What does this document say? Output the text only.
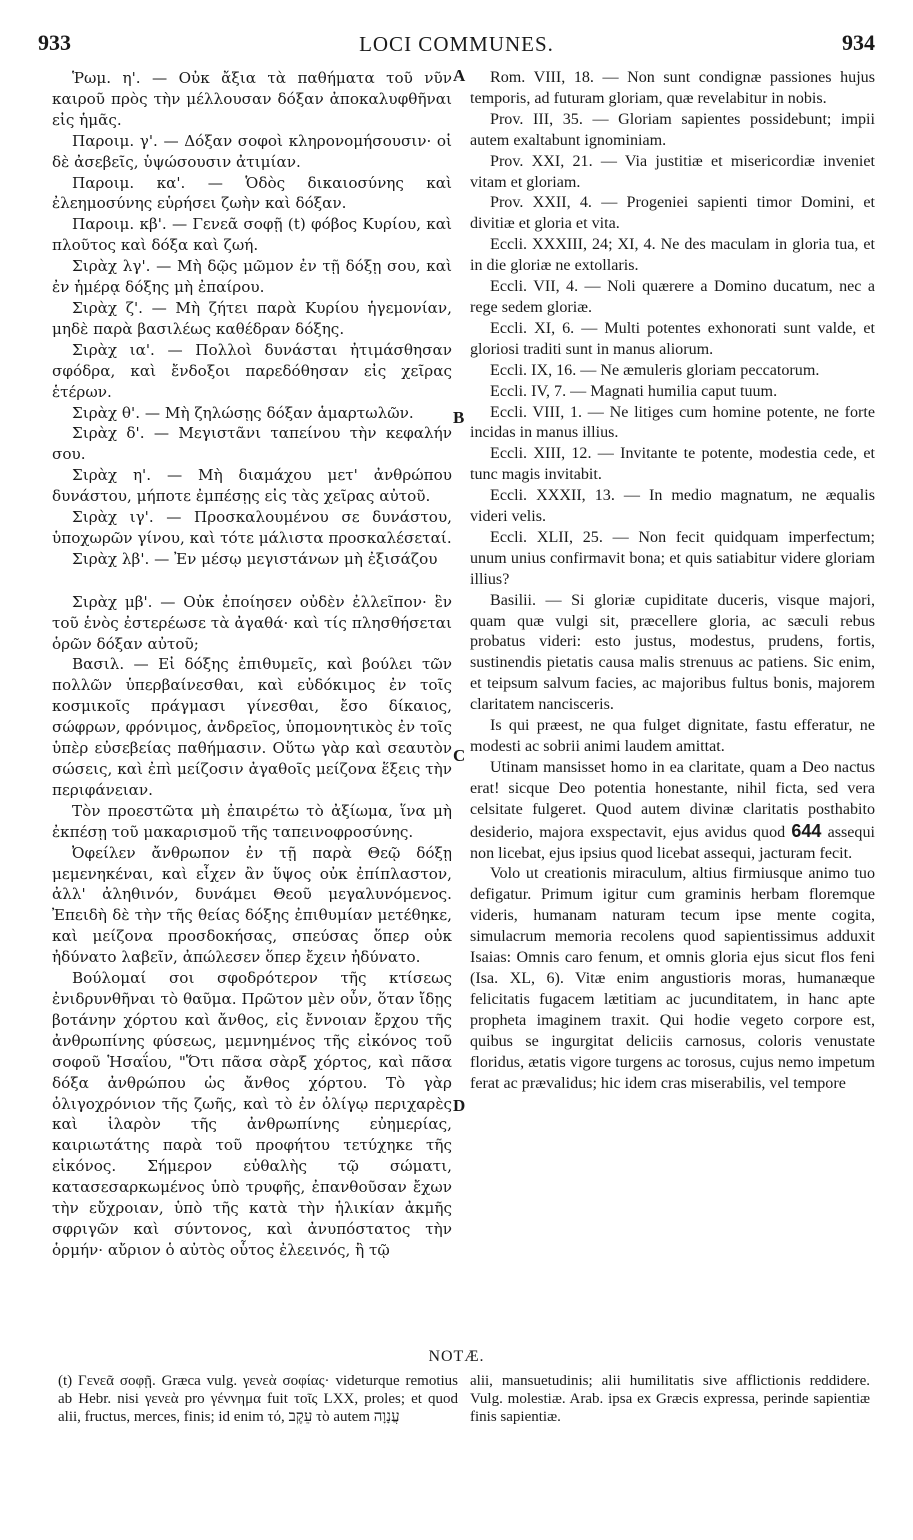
933	LOCI COMMUNES.	934

Ῥωμ. η'. — Οὐκ ἄξια τὰ παθήματα τοῦ νῦν καιροῦ πρὸς τὴν μέλλουσαν δόξαν ἀποκαλυφθῆναι εἰς ἡμᾶς.

Παροιμ. γ'. — Δόξαν σοφοὶ κληρονομήσουσιν· οἱ δὲ ἀσεβεῖς, ὑψώσουσιν ἀτιμίαν.

Παροιμ. κα'. — Ὁδὸς δικαιοσύνης καὶ ἐλεημοσύνης εὑρήσει ζωὴν καὶ δόξαν.

Παροιμ. κβ'. — Γενεᾶ σοφῇ (t) φόβος Κυρίου, καὶ πλοῦτος καὶ δόξα καὶ ζωή.

Σιρὰχ λγ'. — Μὴ δῷς μῶμον ἐν τῇ δόξῃ σου, καὶ ἐν ἡμέρᾳ δόξης μὴ ἐπαίρου.

Σιρὰχ ζ'. — Μὴ ζήτει παρὰ Κυρίου ἡγεμονίαν, μηδὲ παρὰ βασιλέως καθέδραν δόξης.

Σιρὰχ ια'. — Πολλοὶ δυνάσται ἠτιμάσθησαν σφόδρα, καὶ ἔνδοξοι παρεδόθησαν εἰς χεῖρας ἑτέρων.

Σιρὰχ θ'. — Μὴ ζηλώσῃς δόξαν ἁμαρτωλῶν.

Σιρὰχ δ'. — Μεγιστᾶνι ταπείνου τὴν κεφαλήν σου.

Σιρὰχ η'. — Μὴ διαμάχου μετ' ἀνθρώπου δυνάστου, μήποτε ἐμπέσῃς εἰς τὰς χεῖρας αὐτοῦ.

Σιρὰχ ιγ'. — Προσκαλουμένου σε δυνάστου, ὑποχωρῶν γίνου, καὶ τότε μάλιστα προσκαλέσεταί.

Σιρὰχ λβ'. — Ἐν μέσῳ μεγιστάνων μὴ ἐξισάζου

Σιρὰχ μβ'. — Οὐκ ἐποίησεν οὐδὲν ἐλλεῖπον· ἓν τοῦ ἑνὸς ἐστερέωσε τὰ ἀγαθά· καὶ τίς πλησθήσεται ὁρῶν δόξαν αὐτοῦ;

Βασιλ. — Εἰ δόξης ἐπιθυμεῖς, καὶ βούλει τῶν πολλῶν ὑπερβαίνεσθαι, καὶ εὐδόκιμος ἐν τοῖς κοσμικοῖς πράγμασι γίνεσθαι, ἔσο δίκαιος, σώφρων, φρόνιμος, ἀνδρεῖος, ὑπομονητικὸς ἐν τοῖς ὑπὲρ εὐσεβείας παθήμασιν. Οὕτω γὰρ καὶ σεαυτὸν σώσεις, καὶ ἐπὶ μείζοσιν ἀγαθοῖς μείζονα ἕξεις τὴν περιφάνειαν.

Τὸν προεστῶτα μὴ ἐπαιρέτω τὸ ἀξίωμα, ἵνα μὴ ἐκπέσῃ τοῦ μακαρισμοῦ τῆς ταπεινοφροσύνης.

Ὀφείλεν ἄνθρωπον ἐν τῇ παρὰ Θεῷ δόξῃ μεμενηκέναι, καὶ εἶχεν ἂν ὕψος οὐκ ἐπίπλαστον, ἀλλ' ἀληθινόν, δυνάμει Θεοῦ μεγαλυνόμενος. Ἐπειδὴ δὲ τὴν τῆς θείας δόξης ἐπιθυμίαν μετέθηκε, καὶ μείζονα προσδοκήσας, σπεύσας ὅπερ οὐκ ἠδύνατο λαβεῖν, ἀπώλεσεν ὅπερ ἔχειν ἠδύνατο.

Βούλομαί σοι σφοδρότερον τῆς κτίσεως ἐνιδρυνθῆναι τὸ θαῦμα. Πρῶτον μὲν οὖν, ὅταν ἴδῃς βοτάνην χόρτου καὶ ἄνθος, εἰς ἔννοιαν ἔρχου τῆς ἀνθρωπίνης φύσεως, μεμνημένος τῆς εἰκόνος τοῦ σοφοῦ Ἡσαΐου, "Ὅτι πᾶσα σὰρξ χόρτος, καὶ πᾶσα δόξα ἀνθρώπου ὡς ἄνθος χόρτου. Τὸ γὰρ ὀλιγοχρόνιον τῆς ζωῆς, καὶ τὸ ἐν ὀλίγῳ περιχαρὲς καὶ ἱλαρὸν τῆς ἀνθρωπίνης εὐημερίας, καιριωτάτης παρὰ τοῦ προφήτου τετύχηκε τῆς εἰκόνος. Σήμερον εὐθαλὴς τῷ σώματι, κατασεσαρκωμένος ὑπὸ τρυφῆς, ἐπανθοῦσαν ἔχων τὴν εὔχροιαν, ὑπὸ τῆς κατὰ τὴν ἡλικίαν ἀκμῆς σφριγῶν καὶ σύντονος, καὶ ἀνυπόστατος τὴν ὁρμήν· αὔριον ὁ αὐτὸς οὗτος ἐλεεινός, ἢ τῷ

A
B
C
D

Rom. VIII, 18. — Non sunt condignæ passiones hujus temporis, ad futuram gloriam, quæ revelabitur in nobis.

Prov. III, 35. — Gloriam sapientes possidebunt; impii autem exaltabunt ignominiam.

Prov. XXI, 21. — Via justitiæ et misericordiæ inveniet vitam et gloriam.

Prov. XXII, 4. — Progeniei sapienti timor Domini, et divitiæ et gloria et vita.

Eccli. XXXIII, 24; XI, 4. Ne des maculam in gloria tua, et in die gloriæ ne extollaris.

Eccli. VII, 4. — Noli quærere a Domino ducatum, nec a rege sedem gloriæ.

Eccli. XI, 6. — Multi potentes exhonorati sunt valde, et gloriosi traditi sunt in manus aliorum.

Eccli. IX, 16. — Ne æmuleris gloriam peccatorum.

Eccli. IV, 7. — Magnati humilia caput tuum.

Eccli. VIII, 1. — Ne litiges cum homine potente, ne forte incidas in manus illius.

Eccli. XIII, 12. — Invitante te potente, modestia cede, et tunc magis invitabit.

Eccli. XXXII, 13. — In medio magnatum, ne æqualis videri velis.

Eccli. XLII, 25. — Non fecit quidquam imperfectum; unum unius confirmavit bona; et quis satiabitur videre gloriam illius?

Basilii. — Si gloriæ cupiditate duceris, visque majori, quam quæ vulgi sit, præcellere gloria, ac sæculi rebus probatus videri: esto justus, modestus, prudens, fortis, sustinendis pietatis causa malis strenuus ac patiens. Sic enim, et teipsum salvum facies, ac majoribus fultus bonis, majorem claritatem nancisceris.

Is qui præest, ne qua fulget dignitate, fastu efferatur, ne modesti ac sobrii animi laudem amittat.

Utinam mansisset homo in ea claritate, quam a Deo nactus erat! sicque Deo potentia honestante, nihil ficta, sed vera celsitate fulgeret. Quod autem divinæ claritatis posthabito desiderio, majora exspectavit, ejus avidus quod 644 assequi non licebat, ejus ipsius quod licebat assequi, jacturam fecit.

Volo ut creationis miraculum, altius firmiusque animo tuo defigatur. Primum igitur cum graminis herbam floremque videris, humanam naturam tecum ipse mente cogita, simulacrum memoria recolens quod sapientissimus adduxit Isaias: Omnis caro fenum, et omnis gloria ejus sicut flos feni (Isa. XL, 6). Vitæ enim angustioris moras, humanæque felicitatis fugacem lætitiam ac jucunditatem, in hanc apte propheta imaginem traxit. Qui hodie vegeto corpore est, quibus se ingurgitat deliciis carnosus, coloris venustate floridus, ætatis vigore turgens ac torosus, cujus nemo impetum ferat ac prævalidus; hic idem cras miserabilis, vel tempore

NOTÆ.

(t) Γενεᾶ σοφῇ. Græca vulg. γενεὰ σοφίας· videturque remotius ab Hebr. nisi γενεὰ pro γέννημα fuit τοῖς LXX, proles; et quod alii, fructus, merces, finis; id enim τό, עֵקֶב τὸ autem עֲנָוָה

alii, mansuetudinis; alii humilitatis sive afflictionis reddidere. Vulg. molestiæ. Arab. ipsa ex Græcis expressa, perinde sapientiæ finis sapientiæ.
